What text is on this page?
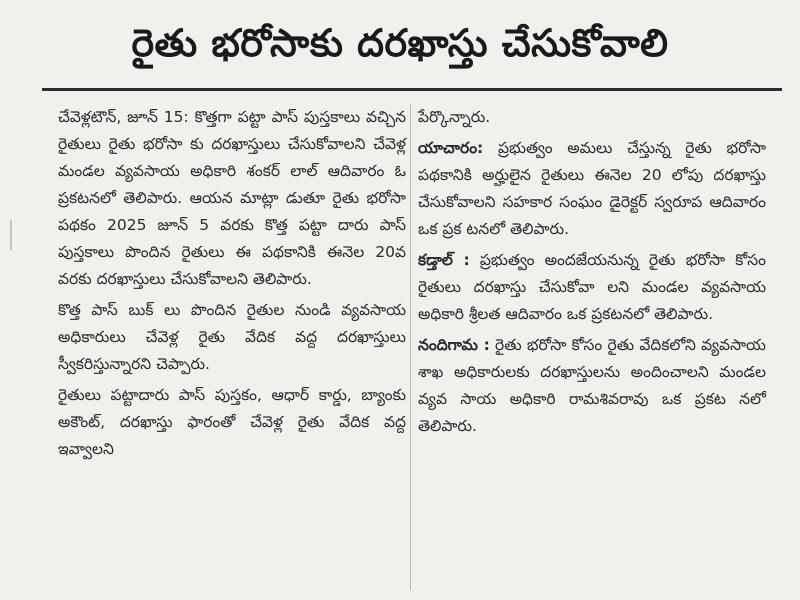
రైతు భరోసాకు దరఖాస్తు చేసుకోవాలి

చేవెళ్లటౌన్, జూన్ 15: కొత్తగా పట్టా పాస్ పుస్తకాలు వచ్చిన రైతులు రైతు భరోసా కు దరఖాస్తులు చేసుకోవాలని చేవెళ్ల మండల వ్యవసాయ అధికారి శంకర్ లాల్ ఆదివారం ఓ ప్రకటనలో తెలిపారు. ఆయన మాట్లా డుతూ రైతు భరోసా పథకం 2025 జూన్ 5 వరకు కొత్త పట్టా దారు పాస్ పుస్తకాలు పొందిన రైతులు ఈ పథకానికి ఈనెల 20వ వరకు దరఖాస్తులు చేసుకోవాలని తెలిపారు.

కొత్త పాస్ బుక్ లు పొందిన రైతుల నుండి వ్యవసాయ అధికారులు చేవెళ్ల రైతు వేదిక వద్ద దరఖాస్తులు స్వీకరిస్తున్నారని చెప్పారు.

రైతులు పట్టాదారు పాస్ పుస్తకం, ఆధార్ కార్డు, బ్యాంకు అకౌంట్, దరఖాస్తు ఫారంతో చేవెళ్ల రైతు వేదిక వద్ద ఇవ్వాలని

పేర్కొన్నారు.

యాచారం: ప్రభుత్వం అమలు చేస్తున్న రైతు భరోసా పథకానికి అర్హులైన రైతులు ఈనెల 20 లోపు దరఖాస్తు చేసుకోవాలని సహకార సంఘం డైరెక్టర్ స్వరూప ఆదివారం ఒక ప్రక టనలో తెలిపారు.

కడ్తాల్ : ప్రభుత్వం అందజేయనున్న రైతు భరోసా కోసం రైతులు దరఖాస్తు చేసుకోవా లని మండల వ్యవసాయ అధికారి శ్రీలత ఆదివారం ఒక ప్రకటనలో తెలిపారు.

నందిగామ : రైతు భరోసా కోసం రైతు వేదికలోని వ్యవసాయ శాఖ అధికారులకు దరఖాస్తులను అందించాలని మండల వ్యవ సాయ అధికారి రామశివరావు ఒక ప్రకట నలో తెలిపారు.
